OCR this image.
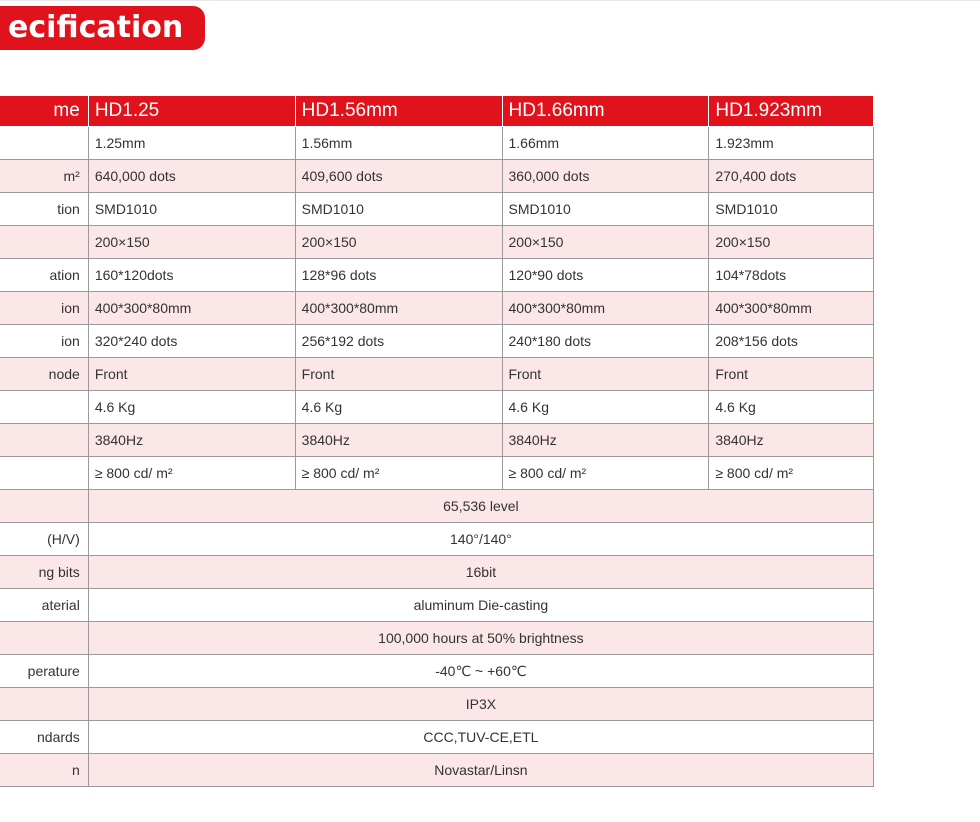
ecification
me	HD1.25	HD1.56mm	HD1.66mm	HD1.923mm
	1.25mm	1.56mm	1.66mm	1.923mm
m²	640,000 dots	409,600 dots	360,000 dots	270,400 dots
tion	SMD1010	SMD1010	SMD1010	SMD1010
	200×150	200×150	200×150	200×150
ation	160*120dots	128*96 dots	120*90 dots	104*78dots
ion	400*300*80mm	400*300*80mm	400*300*80mm	400*300*80mm
ion	320*240 dots	256*192 dots	240*180 dots	208*156 dots
node	Front	Front	Front	Front
	4.6 Kg	4.6 Kg	4.6 Kg	4.6 Kg
	3840Hz	3840Hz	3840Hz	3840Hz
	≥ 800 cd/ m²	≥ 800 cd/ m²	≥ 800 cd/ m²	≥ 800 cd/ m²
	65,536 level			
(H/V)	140°/140°			
ng bits	16bit			
aterial	aluminum Die-casting			
	100,000 hours at 50% brightness			
perature	-40℃ ~ +60℃			
	IP3X			
ndards	CCC,TUV-CE,ETL			
n	Novastar/Linsn			
